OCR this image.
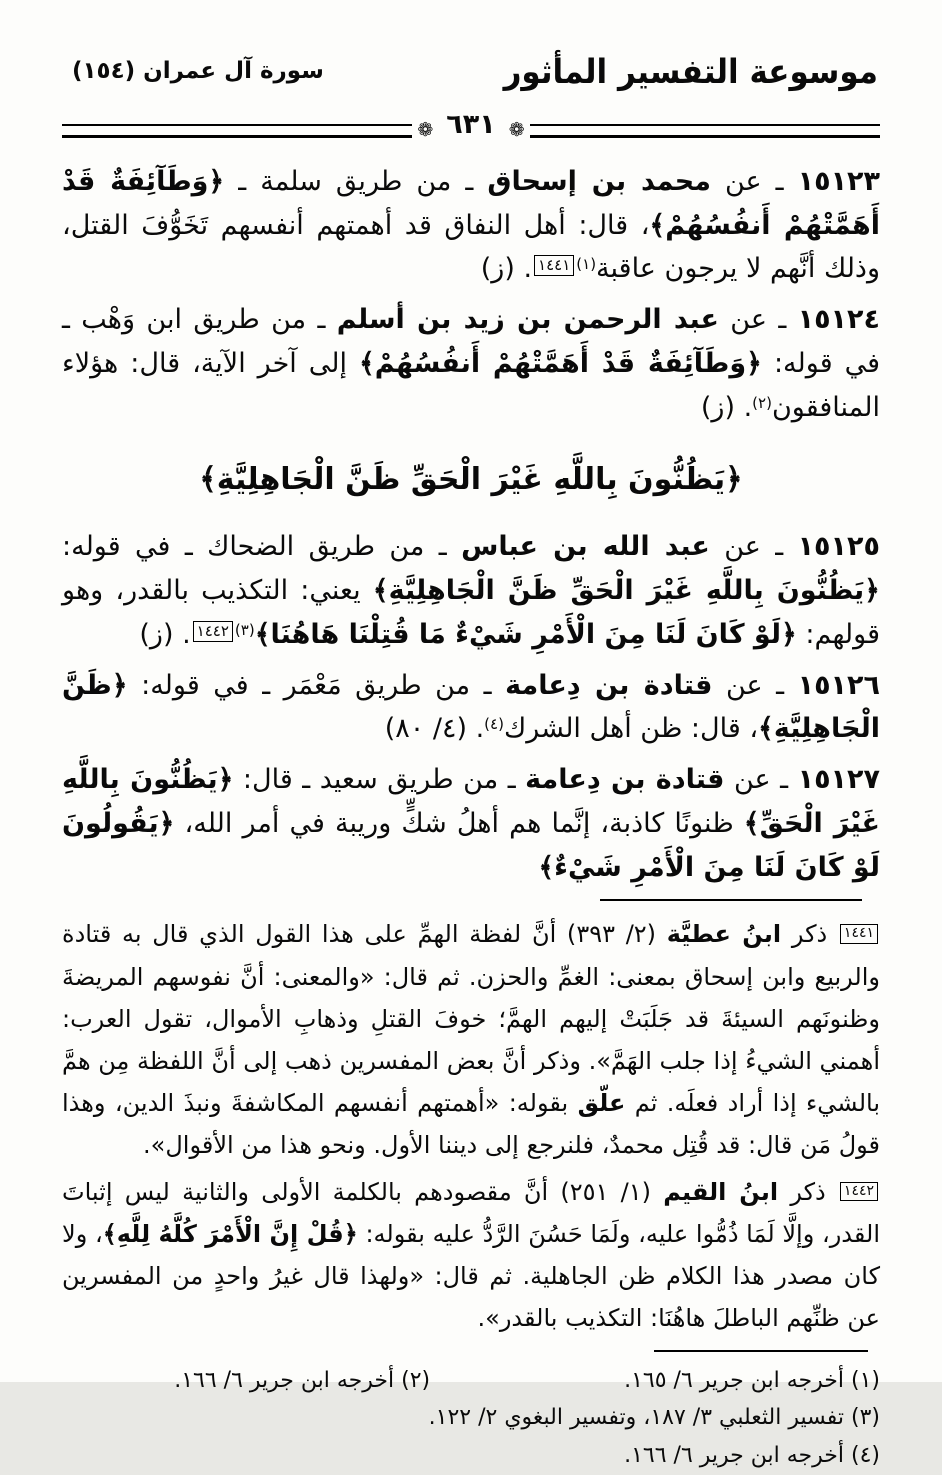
موسوعة التفسير المأثور
سورة آل عمران (١٥٤)
❁
٦٣١
❁

١٥١٢٣ ـ عن محمد بن إسحاق ـ من طريق سلمة ـ ﴿وَطَآئِفَةٌ قَدْ أَهَمَّتْهُمْ أَنفُسُهُمْ﴾، قال: أهل النفاق قد أهمتهم أنفسهم تَخَوُّفَ القتل، وذلك أنَّهم لا يرجون عاقبة$^{(١)}$١٤٤١. (ز)

١٥١٢٤ ـ عن عبد الرحمن بن زيد بن أسلم ـ من طريق ابن وَهْب ـ في قوله: ﴿وَطَآئِفَةٌ قَدْ أَهَمَّتْهُمْ أَنفُسُهُمْ﴾ إلى آخر الآية، قال: هؤلاء المنافقون$^{(٢)}$. (ز)

﴿يَظُنُّونَ بِاللَّهِ غَيْرَ الْحَقِّ ظَنَّ الْجَاهِلِيَّةِ﴾

١٥١٢٥ ـ عن عبد الله بن عباس ـ من طريق الضحاك ـ في قوله: ﴿يَظُنُّونَ بِاللَّهِ غَيْرَ الْحَقِّ ظَنَّ الْجَاهِلِيَّةِ﴾ يعني: التكذيب بالقدر، وهو قولهم: ﴿لَوْ كَانَ لَنَا مِنَ الْأَمْرِ شَيْءٌ مَا قُتِلْنَا هَاهُنَا﴾$^{(٣)}$١٤٤٢. (ز)

١٥١٢٦ ـ عن قتادة بن دِعامة ـ من طريق مَعْمَر ـ في قوله: ﴿ظَنَّ الْجَاهِلِيَّةِ﴾، قال: ظن أهل الشرك$^{(٤)}$. (٤/ ٨٠)

١٥١٢٧ ـ عن قتادة بن دِعامة ـ من طريق سعيد ـ قال: ﴿يَظُنُّونَ بِاللَّهِ غَيْرَ الْحَقِّ﴾ ظنونًا كاذبة، إنَّما هم أهلُ شكٍّ وريبة في أمر الله، ﴿يَقُولُونَ لَوْ كَانَ لَنَا مِنَ الْأَمْرِ شَيْءٌ﴾

١٤٤١ ذكر ابنُ عطيَّة (٢/ ٣٩٣) أنَّ لفظة الهمِّ على هذا القول الذي قال به قتادة والربيع وابن إسحاق بمعنى: الغمِّ والحزن. ثم قال: «والمعنى: أنَّ نفوسهم المريضةَ وظنونَهم السيئةَ قد جَلَبَتْ إليهم الهمَّ؛ خوفَ القتلِ وذهابِ الأموال، تقول العرب: أهمني الشيءُ إذا جلب الهَمَّ». وذكر أنَّ بعض المفسرين ذهب إلى أنَّ اللفظة مِن همَّ بالشيء إذا أراد فعلَه. ثم علّق بقوله: «أهمتهم أنفسهم المكاشفةَ ونبذَ الدين، وهذا قولُ مَن قال: قد قُتِل محمدٌ، فلنرجع إلى ديننا الأول. ونحو هذا من الأقوال».

١٤٤٢ ذكر ابنُ القيم (١/ ٢٥١) أنَّ مقصودهم بالكلمة الأولى والثانية ليس إثباتَ القدر، وإلَّا لَمَا ذُمُّوا عليه، ولَمَا حَسُنَ الرَّدُّ عليه بقوله: ﴿قُلْ إِنَّ الْأَمْرَ كُلَّهُ لِلَّهِ﴾، ولا كان مصدر هذا الكلام ظن الجاهلية. ثم قال: «ولهذا قال غيرُ واحدٍ من المفسرين عن ظنِّهم الباطلَ هاهُنَا: التكذيب بالقدر».

(١) أخرجه ابن جرير ٦/ ١٦٥.
(٢) أخرجه ابن جرير ٦/ ١٦٦.
(٣) تفسير الثعلبي ٣/ ١٨٧، وتفسير البغوي ٢/ ١٢٢.
(٤) أخرجه ابن جرير ٦/ ١٦٦.
